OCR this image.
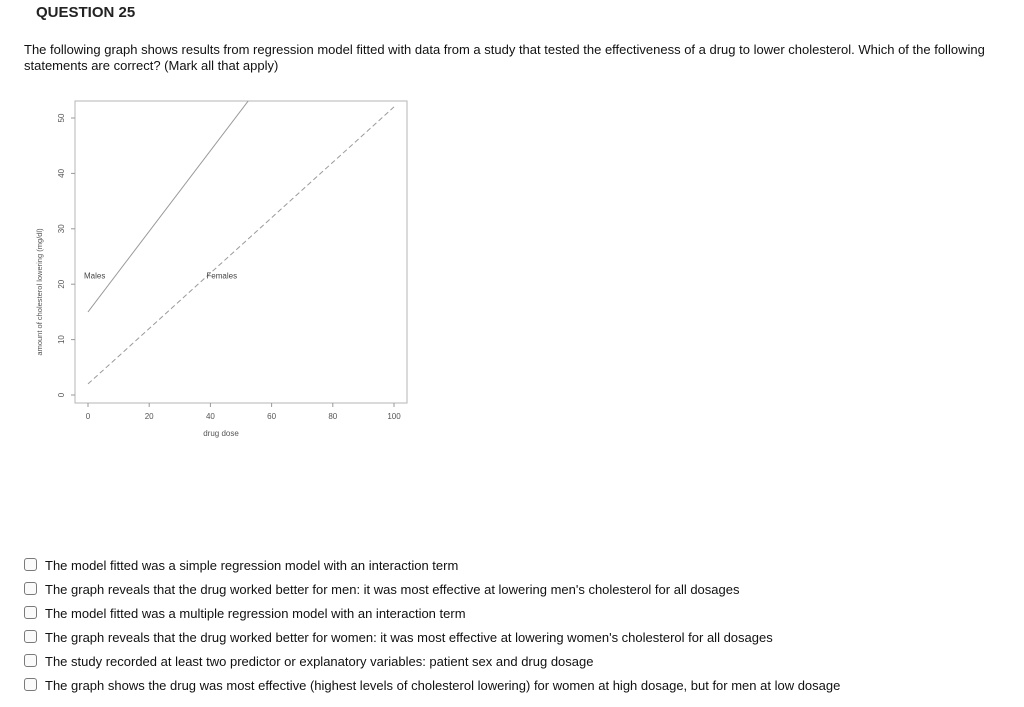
QUESTION 25
The following graph shows results from regression model fitted with data from a study that tested the effectiveness of a drug to lower cholesterol. Which of the following statements are correct? (Mark all that apply)
0	20	40	60	80	100
0
10
20
30
40
50
drug dose
amount of cholesterol lowering (mg/dl)	Males	Females
The model fitted was a simple regression model with an interaction term
The graph reveals that the drug worked better for men: it was most effective at lowering men's cholesterol for all dosages
The model fitted was a multiple regression model with an interaction term
The graph reveals that the drug worked better for women: it was most effective at lowering women's cholesterol for all dosages
The study recorded at least two predictor or explanatory variables: patient sex and drug dosage
The graph shows the drug was most effective (highest levels of cholesterol lowering) for women at high dosage, but for men at low dosage
